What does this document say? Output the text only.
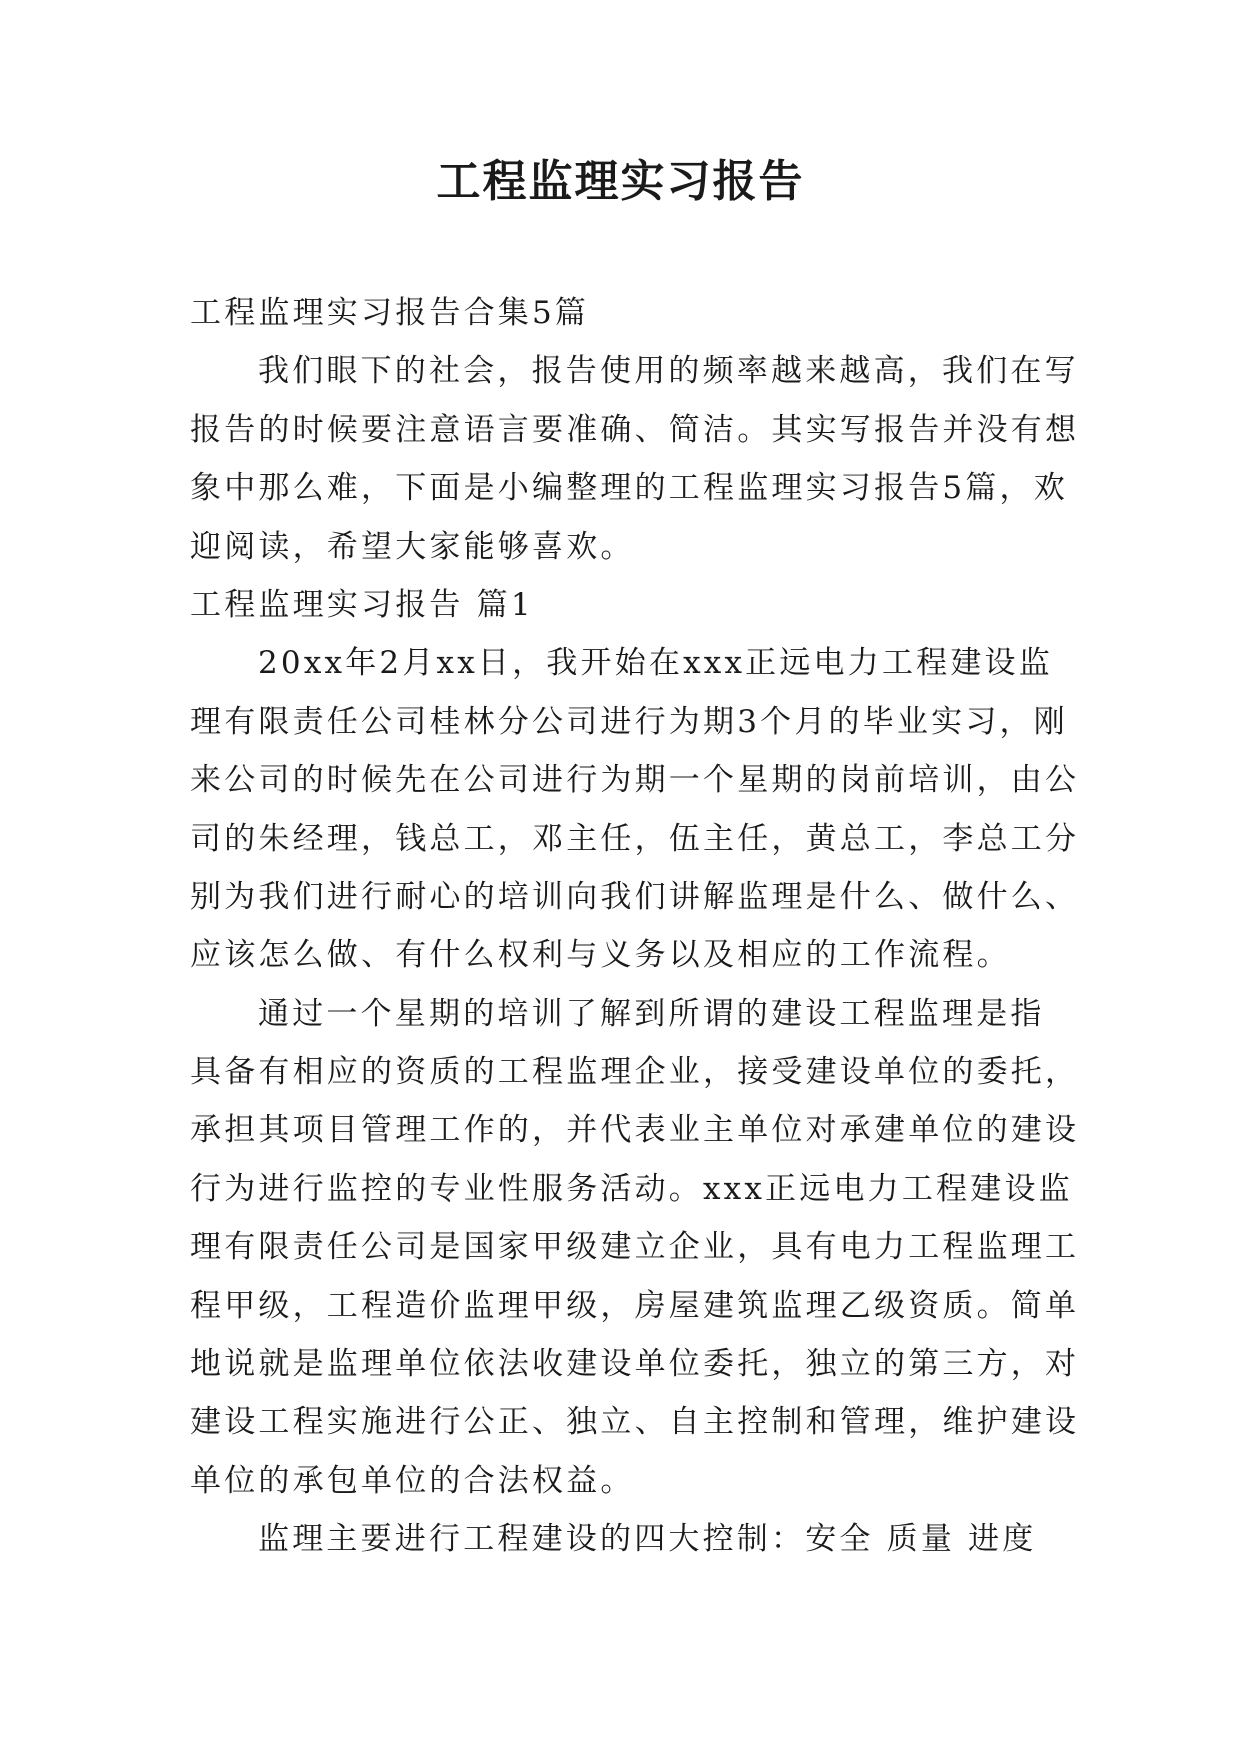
工程监理实习报告
工程监理实习报告合集5篇
我们眼下的社会，报告使用的频率越来越高，我们在写
报告的时候要注意语言要准确、简洁。其实写报告并没有想
象中那么难，下面是小编整理的工程监理实习报告5篇，欢
迎阅读，希望大家能够喜欢。
工程监理实习报告 篇1
20xx年2月xx日，我开始在xxx正远电力工程建设监
理有限责任公司桂林分公司进行为期3个月的毕业实习，刚
来公司的时候先在公司进行为期一个星期的岗前培训，由公
司的朱经理，钱总工，邓主任，伍主任，黄总工，李总工分
别为我们进行耐心的培训向我们讲解监理是什么、做什么、
应该怎么做、有什么权利与义务以及相应的工作流程。
通过一个星期的培训了解到所谓的建设工程监理是指
具备有相应的资质的工程监理企业，接受建设单位的委托，
承担其项目管理工作的，并代表业主单位对承建单位的建设
行为进行监控的专业性服务活动。xxx正远电力工程建设监
理有限责任公司是国家甲级建立企业，具有电力工程监理工
程甲级，工程造价监理甲级，房屋建筑监理乙级资质。简单
地说就是监理单位依法收建设单位委托，独立的第三方，对
建设工程实施进行公正、独立、自主控制和管理，维护建设
单位的承包单位的合法权益。
监理主要进行工程建设的四大控制：安全 质量 进度
